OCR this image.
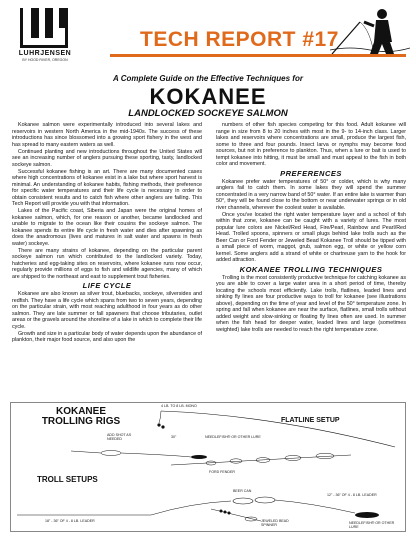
LUHRJENSEN
BY HOOD RIVER, OREGON
TECH REPORT #17
A Complete Guide on the Effective Techniques for
KOKANEE
LANDLOCKED SOCKEYE SALMON

Kokanee salmon were experimentally introduced into several lakes and reservoirs in western North America in the mid-1940s. The success of these introductions has since blossomed into a growing sport fishery in the west and has spread to many eastern waters as well.

Continued planting and new introductions throughout the United States will see an increasing number of anglers pursuing these sporting, tasty, landlocked sockeye salmon.

Successful kokanee fishing is an art. There are many documented cases where high concentrations of kokanee exist in a lake but where sport harvest is minimal. An understanding of kokanee habits, fishing methods, their preference for specific water temperatures and their life cycle is necessary in order to obtain consistent results and to catch fish where other anglers are failing. This Tech Report will provide you with that information.

Lakes of the Pacific coast, Siberia and Japan were the original homes of kokanee salmon, which, for one reason or another, became landlocked and unable to migrate to the ocean like their cousins the sockeye salmon. The kokanee spends its entire life cycle in fresh water and dies after spawning as does the anadromous (lives and matures in salt water and spawns in fresh water) sockeye.

There are many strains of kokanee, depending on the particular parent sockeye salmon run which contributed to the landlocked variety. Today, hatcheries and egg-taking sites on reservoirs, where kokanee runs now occur, regularly provide millions of eggs to fish and wildlife agencies, many of which are shipped to the northeast and east to supplement trout fisheries.

LIFE CYCLE

Kokanee are also known as silver trout, bluebacks, sockeye, silversides and redfish. They have a life cycle which spans from two to seven years, depending on the particular strain, with most reaching adulthood in four years as do other salmon. They are late summer or fall spawners that choose tributaries, outlet areas or the gravels around the shoreline of a lake in which to complete their life cycle.

Growth and size in a particular body of water depends upon the abundance of plankton, their major food source, and also upon the

numbers of other fish species competing for this food. Adult kokanee will range in size from 8 to 20 inches with most in the 9- to 14-inch class. Larger lakes and reservoirs where concentrations are small, produce the largest fish, some to three and four pounds. Insect larva or nymphs may become food sources, but not in preference to plankton. Thus, when a lure or bait is used to tempt kokanee into hitting, it must be small and must appeal to the fish in both color and movement.

PREFERENCES

Kokanee prefer water temperatures of 50° or colder, which is why many anglers fail to catch them. In some lakes they will spend the summer concentrated in a very narrow band of 50° water. If an entire lake is warmer than 50°, they will be found close to the bottom or near underwater springs or in old river channels, wherever the coolest water is available.

Once you've located the right water temperature layer and a school of fish within that zone, kokanee can be caught with a variety of lures. The most popular lure colors are Nickel/Red Head, Fire/Pearl, Rainbow and Pearl/Red Head. Trolled spoons, spinners or small plugs behind lake trolls such as the Beer Can or Ford Fender or Jeweled Bead Kokanee Troll should be tipped with a small piece of worm, maggot, grub, salmon egg, or white or yellow corn kernel. Some anglers add a strand of white or chartreuse yarn to the hook for added attraction.

KOKANEE TROLLING TECHNIQUES

Trolling is the most consistently productive technique for catching kokanee as you are able to cover a large water area in a short period of time, thereby locating the schools most efficiently. Lake trolls, flatlines, leaded lines and sinking fly lines are four productive ways to troll for kokanee (see illustrations above), depending on the time of year and level of the 50° temperature zone. In spring and fall when kokanee are near the surface, flatlines, small trolls without added weight and slow-sinking or floating fly lines often are used. In summer when the fish head for deeper water, leaded lines and large (sometimes weighted) lake trolls are needed to reach the right temperature zone.

KOKANEE
TROLLING RIGS	FLATLINE SETUP
TROLL SETUPS
4 LB. TO 8 LB. MONO
ADD SHOT AS NEEDED	30"	NEEDLEFISH® OR OTHER LURE
FORD FENDER
BEER CAN
JEWELED BEAD SPINNER
18" - 36" OF 4 - 8 LB. LEADER
12" - 36" OF 4 - 8 LB. LEADER
NEEDLEFISH® OR OTHER LURE
